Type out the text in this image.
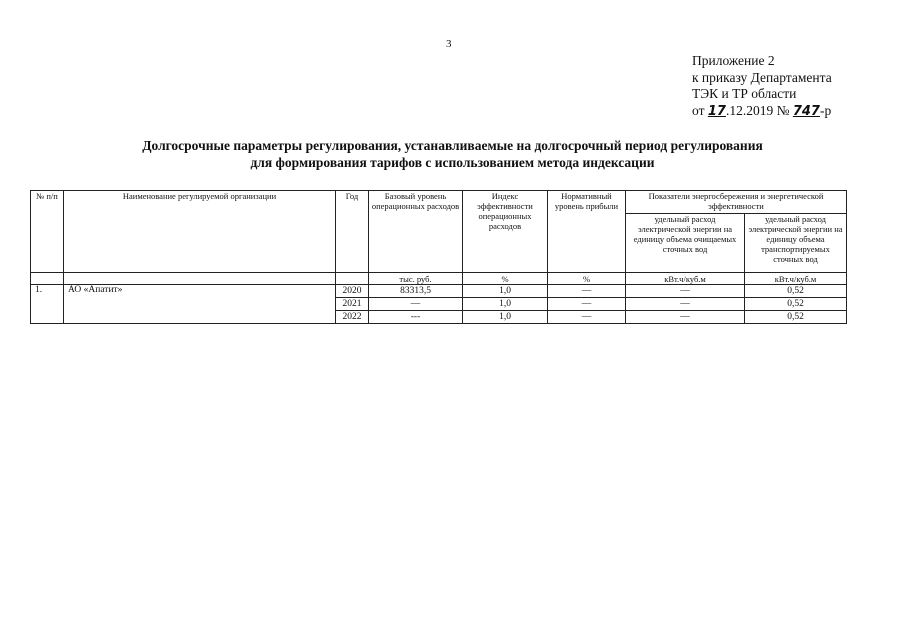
3
Приложение 2
к приказу Департамента
ТЭК и ТР области
от 17.12.2019 № 747-р
Долгосрочные параметры регулирования, устанавливаемые на долгосрочный период регулирования
для формирования тарифов с использованием метода индексации
№ п/п	Наименование регулируемой организации	Год	Базовый уровень операционных расходов	Индекс эффективности операционных расходов	Нормативный уровень прибыли	Показатели энергосбережения и энергетической эффективности	
						удельный расход электрической энергии на единицу объема очищаемых сточных вод	удельный расход электрической энергии на единицу объема транспортируемых сточных вод
			тыс. руб.	%	%	кВт.ч/куб.м	кВт.ч/куб.м
1.	АО «Апатит»	2020	83313,5	1,0	—	—	0,52
		2021	—	1,0	—	—	0,52
		2022	---	1,0	—	—	0,52
